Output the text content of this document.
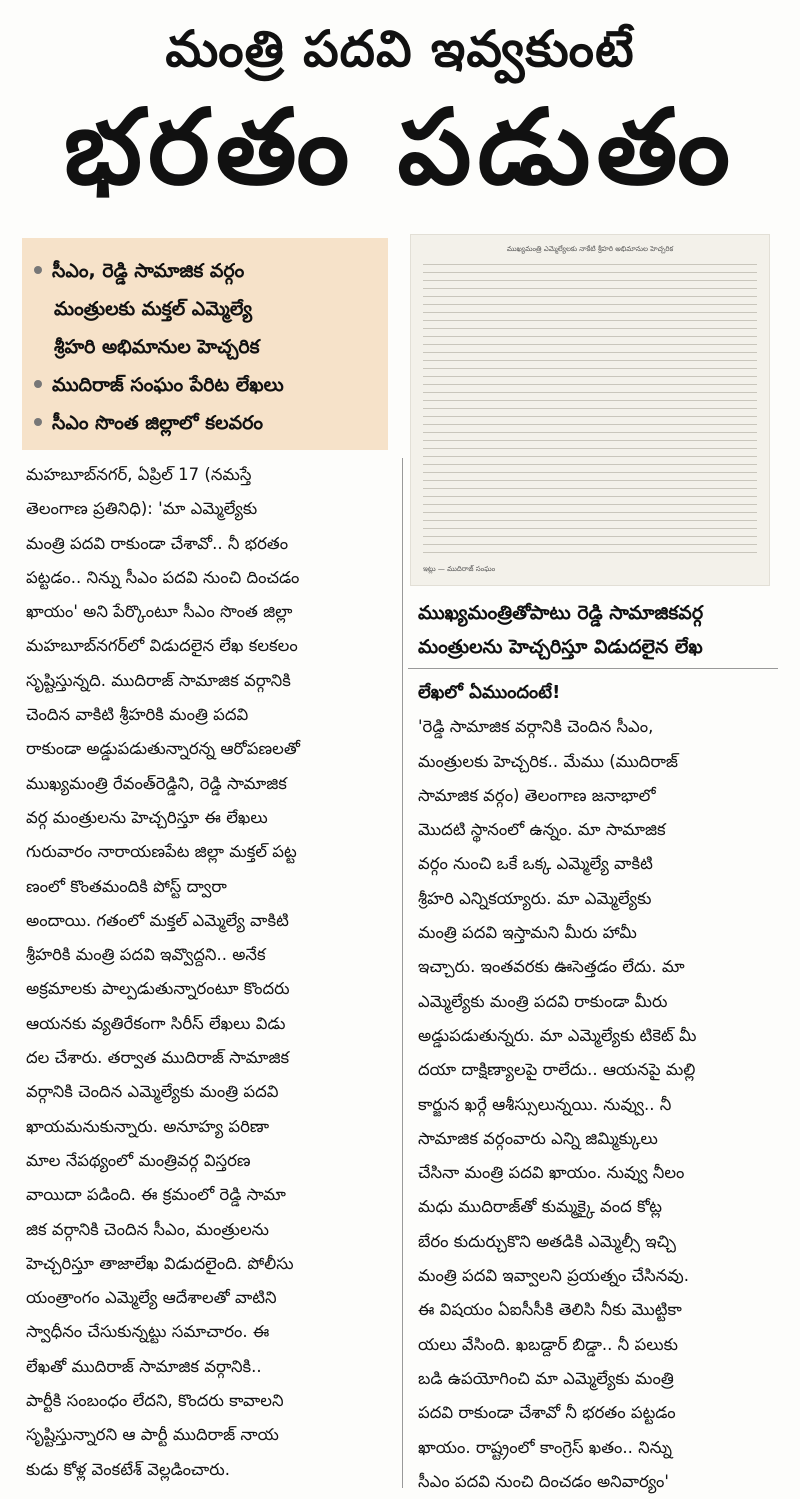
మంత్రి పదవి ఇవ్వకుంటే
భరతం పడుతం
సీఎం, రెడ్డి సామాజిక వర్గం
మంత్రులకు మక్తల్ ఎమ్మెల్యే
శ్రీహరి అభిమానుల హెచ్చరిక
ముదిరాజ్ సంఘం పేరిట లేఖలు
సీఎం సొంత జిల్లాలో కలవరం
ముఖ్యమంత్రి ఎమ్మెల్యేలకు నాకేటి శ్రీహరి అభిమానుల హెచ్చరిక
ఇట్లు — ముదిరాజ్ సంఘం
ముఖ్యమంత్రితోపాటు రెడ్డి సామాజికవర్గ
మంత్రులను హెచ్చరిస్తూ విడుదలైన లేఖ
మహబూబ్‌నగర్, ఏప్రిల్ 17 (నమస్తే
తెలంగాణ ప్రతినిధి): 'మా ఎమ్మెల్యేకు
మంత్రి పదవి రాకుండా చేశావో.. నీ భరతం
పట్టడం.. నిన్ను సీఎం పదవి నుంచి దించడం
ఖాయం' అని పేర్కొంటూ సీఎం సొంత జిల్లా
మహబూబ్‌నగర్‌లో విడుదలైన లేఖ కలకలం
సృష్టిస్తున్నది. ముదిరాజ్ సామాజిక వర్గానికి
చెందిన వాకిటి శ్రీహరికి మంత్రి పదవి
రాకుండా అడ్డుపడుతున్నారన్న ఆరోపణలతో
ముఖ్యమంత్రి రేవంత్‌రెడ్డిని, రెడ్డి సామాజిక
వర్గ మంత్రులను హెచ్చరిస్తూ ఈ లేఖలు
గురువారం నారాయణపేట జిల్లా మక్తల్ పట్ట
ణంలో కొంతమందికి పోస్ట్ ద్వారా
అందాయి. గతంలో మక్తల్ ఎమ్మెల్యే వాకిటి
శ్రీహరికి మంత్రి పదవి ఇవ్వొద్దని.. అనేక
అక్రమాలకు పాల్పడుతున్నారంటూ కొందరు
ఆయనకు వ్యతిరేకంగా సిరీస్ లేఖలు విడు
దల చేశారు. తర్వాత ముదిరాజ్ సామాజిక
వర్గానికి చెందిన ఎమ్మెల్యేకు మంత్రి పదవి
ఖాయమనుకున్నారు. అనూహ్య పరిణా
మాల నేపథ్యంలో మంత్రివర్గ విస్తరణ
వాయిదా పడింది. ఈ క్రమంలో రెడ్డి సామా
జిక వర్గానికి చెందిన సీఎం, మంత్రులను
హెచ్చరిస్తూ తాజాలేఖ విడుదలైంది. పోలీసు
యంత్రాంగం ఎమ్మెల్యే ఆదేశాలతో వాటిని
స్వాధీనం చేసుకున్నట్టు సమాచారం. ఈ
లేఖతో ముదిరాజ్ సామాజిక వర్గానికి..
పార్టీకి సంబంధం లేదని, కొందరు కావాలని
సృష్టిస్తున్నారని ఆ పార్టీ ముదిరాజ్ నాయ
కుడు కోళ్ల వెంకటేశ్ వెల్లడించారు.
లేఖలో ఏముందంటే!
'రెడ్డి సామాజిక వర్గానికి చెందిన సీఎం,
మంత్రులకు హెచ్చరిక.. మేము (ముదిరాజ్
సామాజిక వర్గం) తెలంగాణ జనాభాలో
మొదటి స్థానంలో ఉన్నం. మా సామాజిక
వర్గం నుంచి ఒకే ఒక్క ఎమ్మెల్యే వాకిటి
శ్రీహరి ఎన్నికయ్యారు. మా ఎమ్మెల్యేకు
మంత్రి పదవి ఇస్తామని మీరు హామీ
ఇచ్చారు. ఇంతవరకు ఊసెత్తడం లేదు. మా
ఎమ్మెల్యేకు మంత్రి పదవి రాకుండా మీరు
అడ్డుపడుతున్నరు. మా ఎమ్మెల్యేకు టికెట్ మీ
దయా దాక్షిణ్యాలపై రాలేదు.. ఆయనపై మల్లి
కార్జున ఖర్గే ఆశీస్సులున్నయి. నువ్వు.. నీ
సామాజిక వర్గంవారు ఎన్ని జిమ్మిక్కులు
చేసినా మంత్రి పదవి ఖాయం. నువ్వు నీలం
మధు ముదిరాజ్‌తో కుమ్మక్కై వంద కోట్ల
బేరం కుదుర్చుకొని అతడికి ఎమ్మెల్సీ ఇచ్చి
మంత్రి పదవి ఇవ్వాలని ప్రయత్నం చేసినవు.
ఈ విషయం ఏఐసీసీకి తెలిసి నీకు మొట్టికా
యలు వేసింది. ఖబడ్దార్ బిడ్డా.. నీ పలుకు
బడి ఉపయోగించి మా ఎమ్మెల్యేకు మంత్రి
పదవి రాకుండా చేశావో నీ భరతం పట్టడం
ఖాయం. రాష్ట్రంలో కాంగ్రెస్ ఖతం.. నిన్ను
సీఎం పదవి నుంచి దించడం అనివార్యం'
